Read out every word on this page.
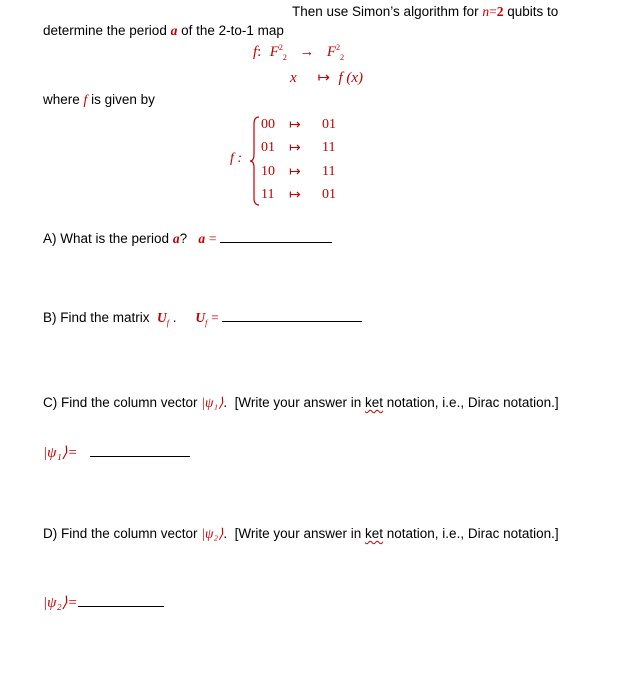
Then use Simon’s algorithm for n=2 qubits to
determine the period a of the 2-to-1 map
f: $F^2_2 \to F^2_2$
x ↦ f (x)
where f is given by
f :
00 ↦ 01
01 ↦ 11
10 ↦ 11
11 ↦ 01
A) What is the period a? a =
B) Find the matrix $U_f$ . $U_f$ =
C) Find the column vector |ψ₁⟩. [Write your answer in ket notation, i.e., Dirac notation.]
|ψ₁⟩=
D) Find the column vector |ψ₂⟩. [Write your answer in ket notation, i.e., Dirac notation.]
|ψ₂⟩=
